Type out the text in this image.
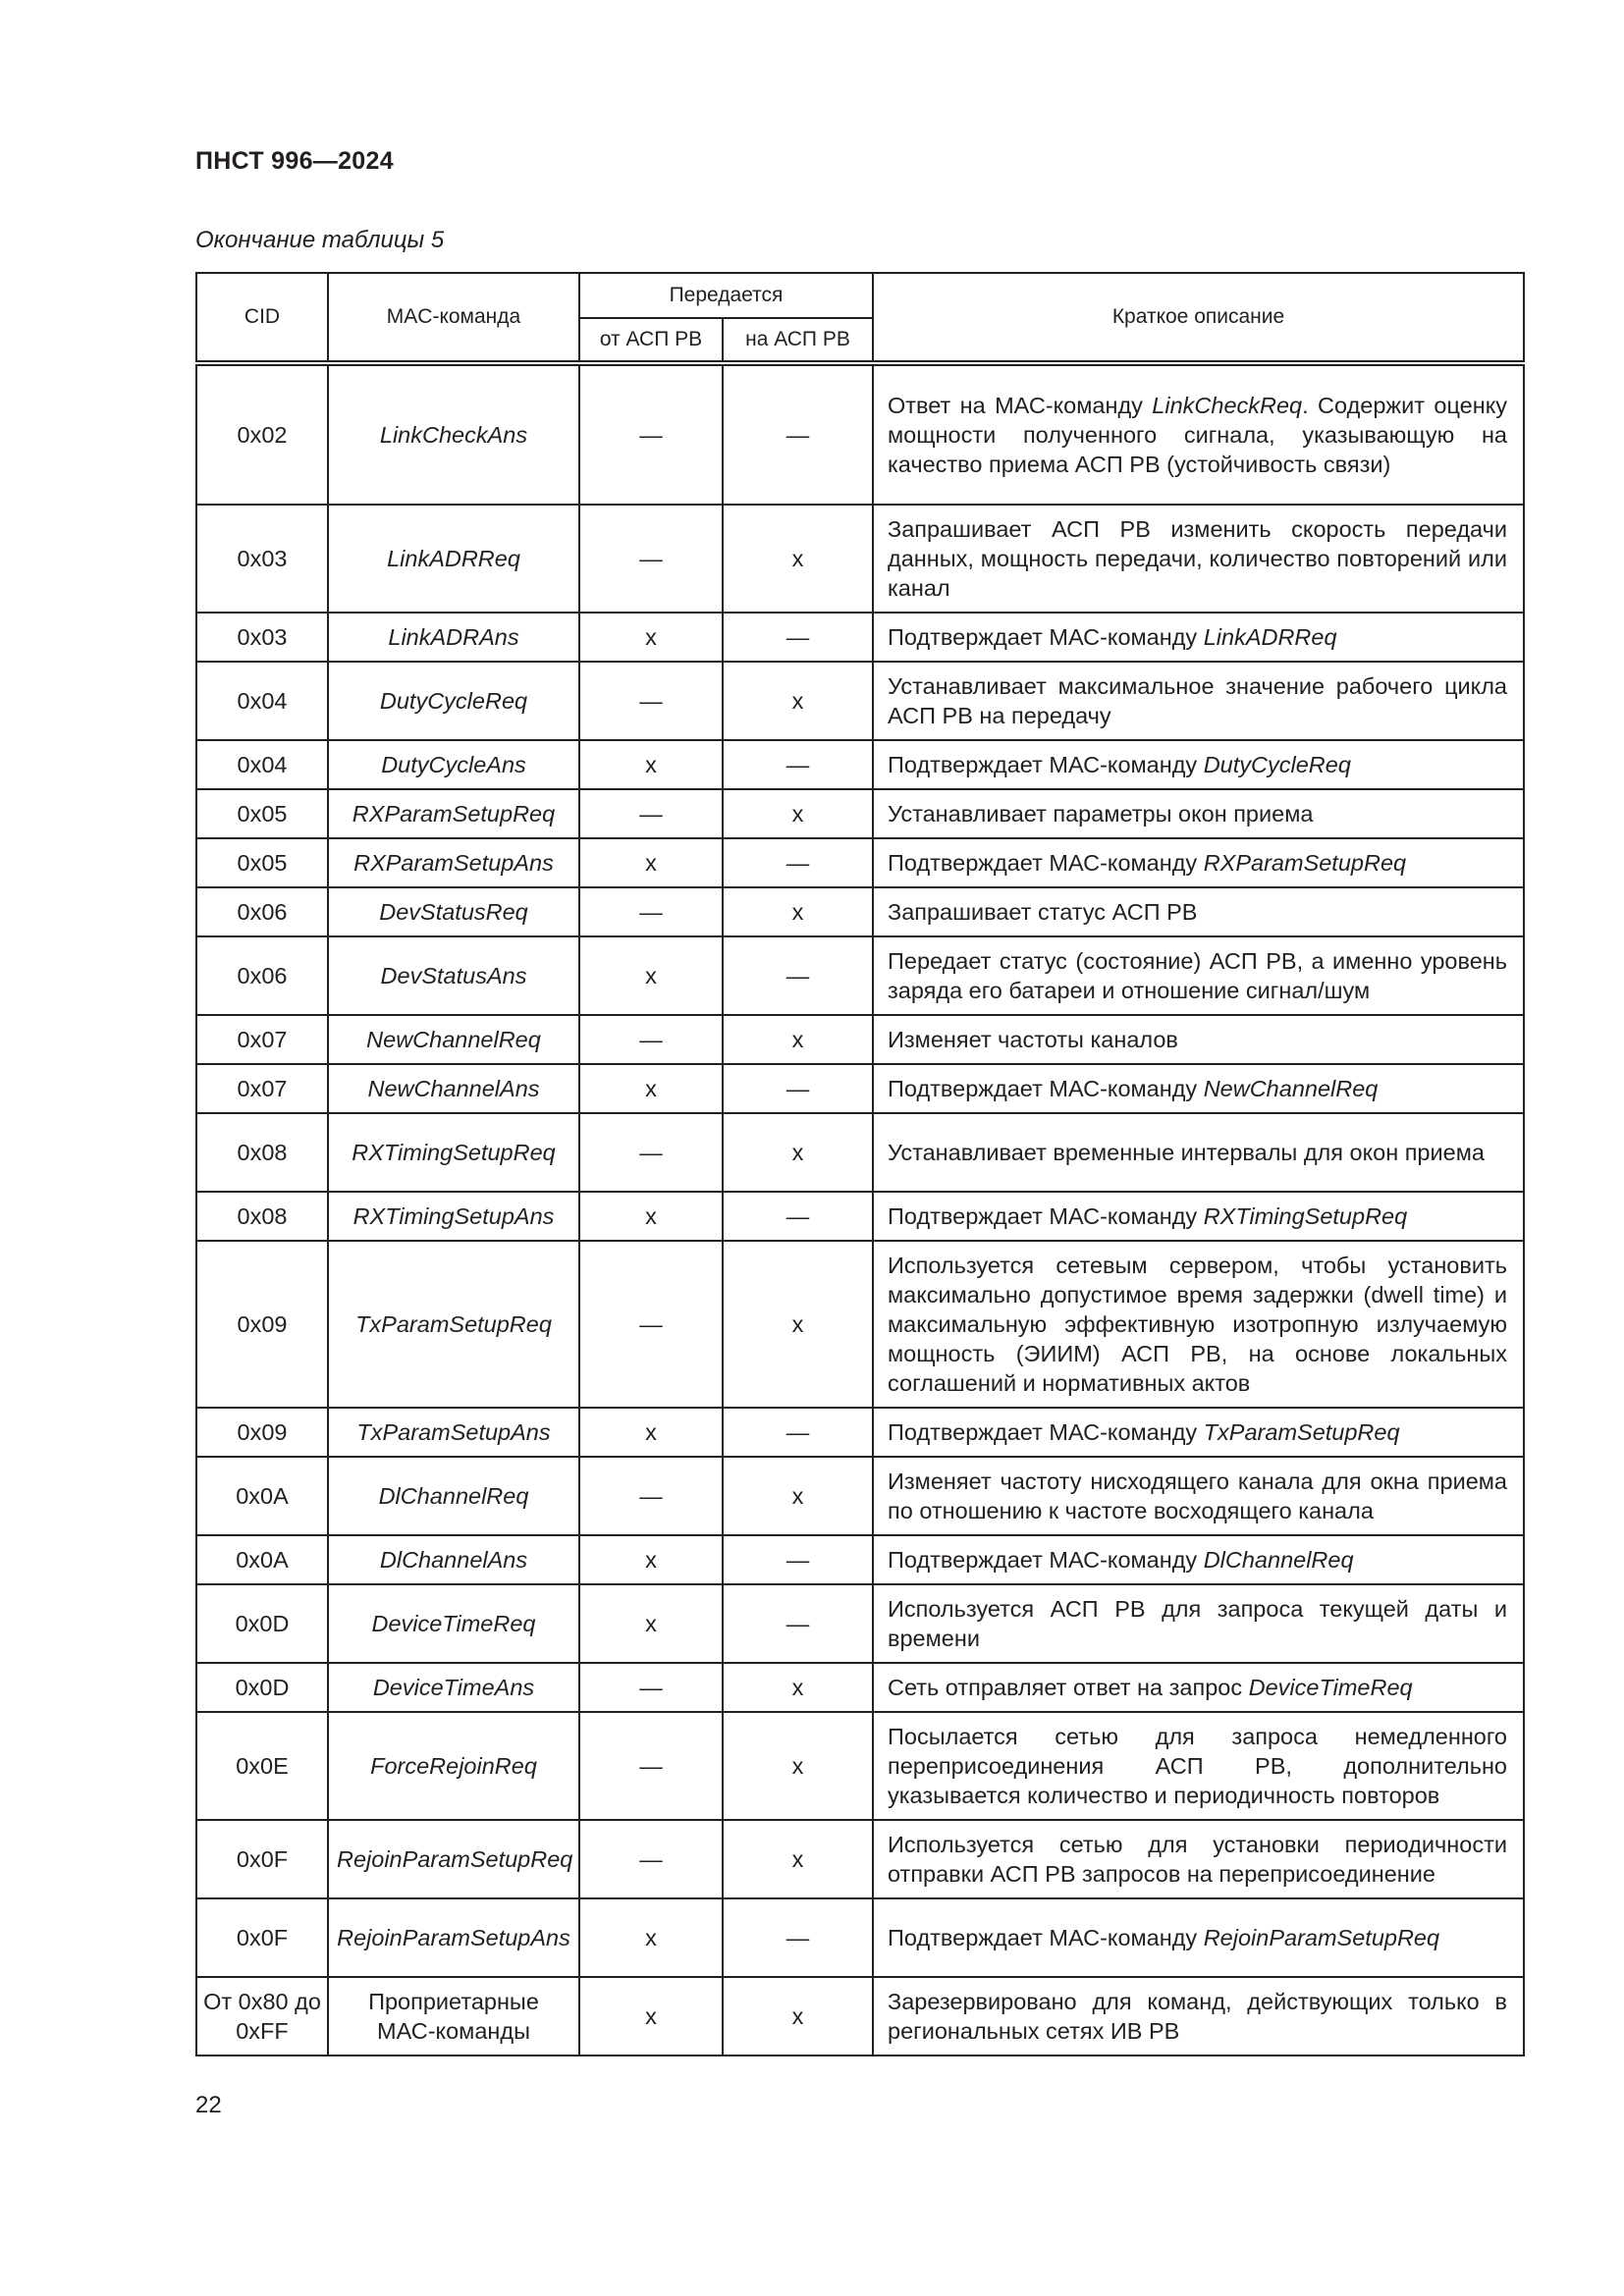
ПНСТ 996—2024
Окончание таблицы 5
CID	MAC-команда	Передается		Краткое описание
		от АСП РВ	на АСП РВ	
0x02	LinkCheckAns	—	—	Ответ на МАС-команду LinkCheckReq. Содержит оценку мощности полученного сигнала, указывающую на качество приема АСП РВ (устойчивость связи)
0x03	LinkADRReq	—	x	Запрашивает АСП РВ изменить скорость передачи данных, мощность передачи, количество повторений или канал
0x03	LinkADRAns	x	—	Подтверждает МАС-команду LinkADRReq
0x04	DutyCycleReq	—	x	Устанавливает максимальное значение рабочего цикла АСП РВ на передачу
0x04	DutyCycleAns	x	—	Подтверждает МАС-команду DutyCycleReq
0x05	RXParamSetupReq	—	x	Устанавливает параметры окон приема
0x05	RXParamSetupAns	x	—	Подтверждает МАС-команду RXParamSetupReq
0x06	DevStatusReq	—	x	Запрашивает статус АСП РВ
0x06	DevStatusAns	x	—	Передает статус (состояние) АСП РВ, а именно уровень заряда его батареи и отношение сигнал/шум
0x07	NewChannelReq	—	x	Изменяет частоты каналов
0x07	NewChannelAns	x	—	Подтверждает МАС-команду NewChannelReq
0x08	RXTimingSetupReq	—	x	Устанавливает временные интервалы для окон приема
0x08	RXTimingSetupAns	x	—	Подтверждает МАС-команду RXTimingSetupReq
0x09	TxParamSetupReq	—	x	Используется сетевым сервером, чтобы установить максимально допустимое время задержки (dwell time) и максимальную эффективную изотропную излучаемую мощность (ЭИИМ) АСП РВ, на основе локальных соглашений и нормативных актов
0x09	TxParamSetupAns	x	—	Подтверждает МАС-команду TxParamSetupReq
0x0A	DlChannelReq	—	x	Изменяет частоту нисходящего канала для окна приема по отношению к частоте восходящего канала
0x0A	DlChannelAns	x	—	Подтверждает МАС-команду DlChannelReq
0x0D	DeviceTimeReq	x	—	Используется АСП РВ для запроса текущей даты и времени
0x0D	DeviceTimeAns	—	x	Сеть отправляет ответ на запрос DeviceTimeReq
0x0E	ForceRejoinReq	—	x	Посылается сетью для запроса немедленного переприсоединения АСП РВ, дополнительно указывается количество и периодичность повторов
0x0F	RejoinParamSetupReq	—	x	Используется сетью для установки периодичности отправки АСП РВ запросов на переприсоединение
0x0F	RejoinParamSetupAns	x	—	Подтверждает МАС-команду RejoinParamSetupReq
От 0x80 до 0xFF	Проприетарные МАС-команды	x	x	Зарезервировано для команд, действующих только в региональных сетях ИВ РВ
22
